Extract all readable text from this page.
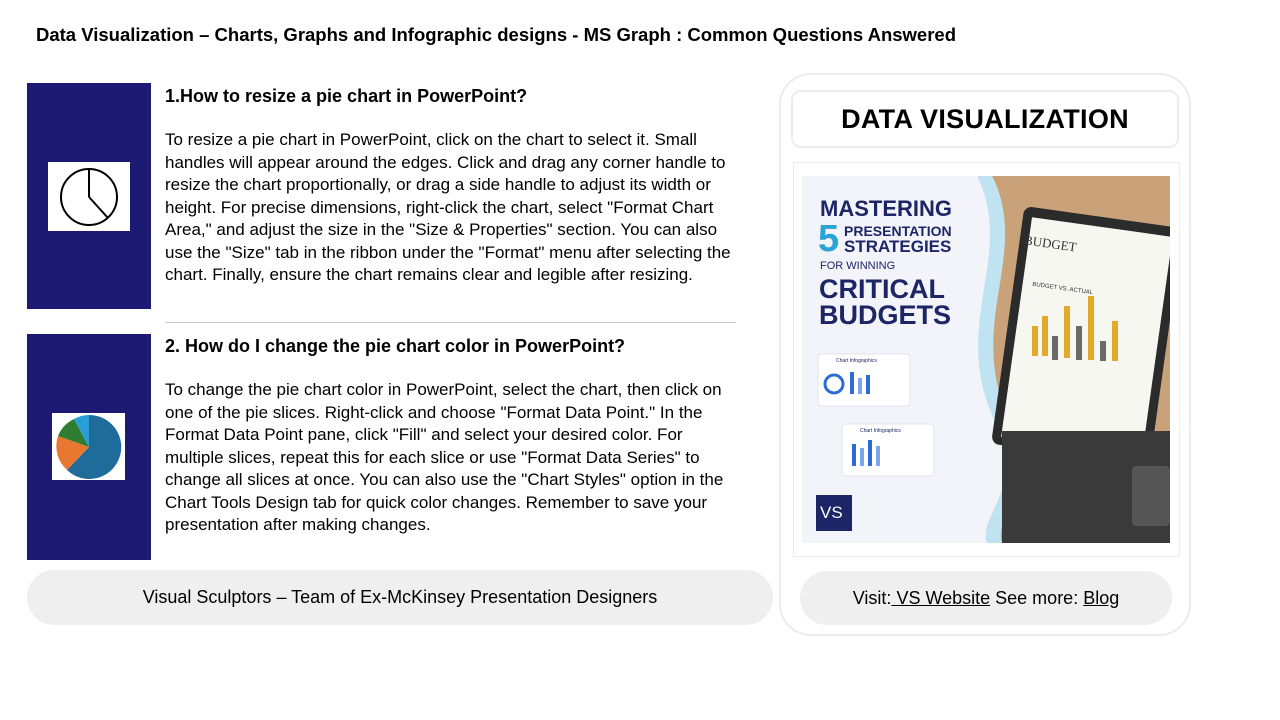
Data Visualization – Charts, Graphs and Infographic designs - MS Graph : Common Questions Answered

1.How to resize a pie chart in PowerPoint?

To resize a pie chart in PowerPoint, click on the chart to select it. Small handles will appear around the edges. Click and drag any corner handle to resize the chart proportionally, or drag a side handle to adjust its width or height. For precise dimensions, right-click the chart, select "Format Chart Area," and adjust the size in the "Size & Properties" section. You can also use the "Size" tab in the ribbon under the "Format" menu after selecting the chart. Finally, ensure the chart remains clear and legible after resizing.

2. How do I change the pie chart color in PowerPoint?

To change the pie chart color in PowerPoint, select the chart, then click on one of the pie slices. Right-click and choose "Format Data Point." In the Format Data Point pane, click "Fill" and select your desired color. For multiple slices, repeat this for each slice or use "Format Data Series" to change all slices at once. You can also use the "Chart Styles" option in the Chart Tools Design tab for quick color changes. Remember to save your presentation after making changes.

Visual Sculptors – Team of Ex-McKinsey Presentation Designers
DATA VISUALIZATION
MASTERING
5 PRESENTATION
STRATEGIES
FOR WINNING
CRITICAL
BUDGETS
Chart Infographics
Chart Infographics
BUDGET
BUDGET VS. ACTUAL
VS
Visit: VS Website See more: Blog
